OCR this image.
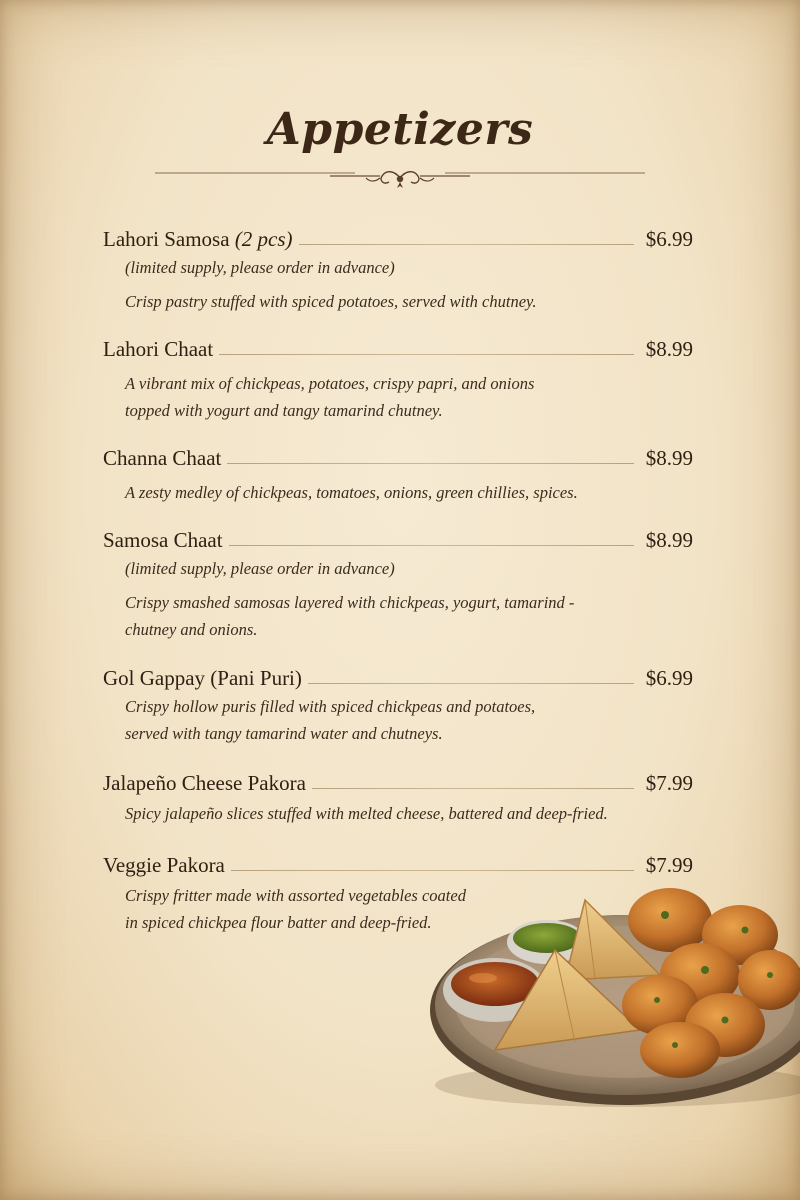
Appetizers
Lahori Samosa (2 pcs)	$6.99
(limited supply, please order in advance)
Crisp pastry stuffed with spiced potatoes, served with chutney.
Lahori Chaat	$8.99
A vibrant mix of chickpeas, potatoes, crispy papri, and onions
topped with yogurt and tangy tamarind chutney.
Channa Chaat	$8.99
A zesty medley of chickpeas, tomatoes, onions, green chillies, spices.
Samosa Chaat	$8.99
(limited supply, please order in advance)
Crispy smashed samosas layered with chickpeas, yogurt, tamarind -
chutney and onions.
Gol Gappay (Pani Puri)	$6.99
Crispy hollow puris filled with spiced chickpeas and potatoes,
served with tangy tamarind water and chutneys.
Jalapeño Cheese Pakora	$7.99
Spicy jalapeño slices stuffed with melted cheese, battered and deep-fried.
Veggie Pakora	$7.99
Crispy fritter made with assorted vegetables coated
in spiced chickpea flour batter and deep-fried.
